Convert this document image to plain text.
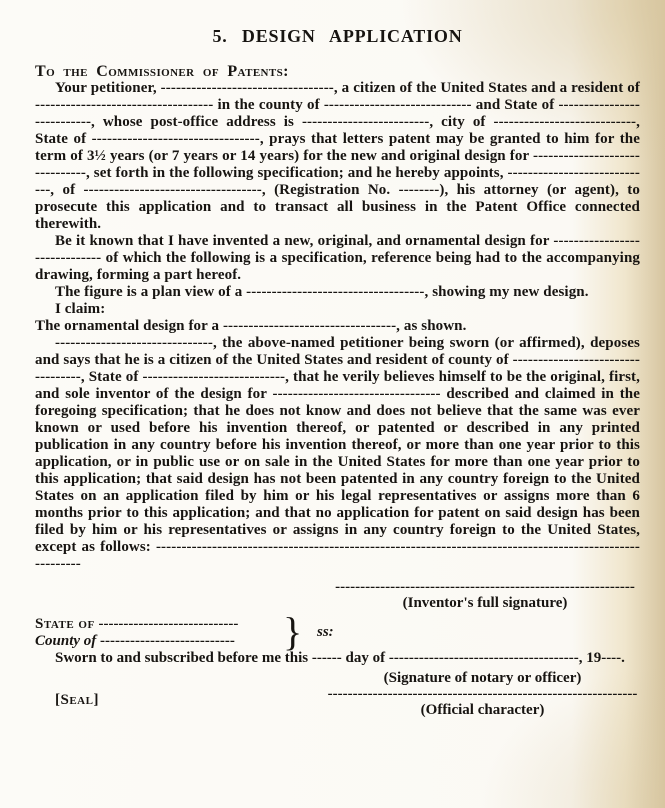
5. DESIGN APPLICATION
To the Commissioner of Patents:

Your petitioner, ----------------------------------, a citizen of the United States and a resident of ----------------------------------- in the county of ----------------------------- and State of ---------------------------, whose post-office address is -------------------------, city of ----------------------------, State of ---------------------------------, prays that letters patent may be granted to him for the term of 3½ years (or 7 years or 14 years) for the new and original design for -------------------------------, set forth in the following specification; and he hereby appoints, -----------------------------, of -----------------------------------, (Registration No. --------), his attorney (or agent), to prosecute this application and to transact all business in the Patent Office connected therewith.

Be it known that I have invented a new, original, and ornamental design for ------------------------------ of which the following is a specification, reference being had to the accompanying drawing, forming a part hereof.

The figure is a plan view of a -----------------------------------, showing my new design.

I claim:

The ornamental design for a ----------------------------------, as shown.

-------------------------------, the above-named petitioner being sworn (or affirmed), deposes and says that he is a citizen of the United States and resident of county of ----------------------------------, State of ----------------------------, that he verily believes himself to be the original, first, and sole inventor of the design for --------------------------------- described and claimed in the foregoing specification; that he does not know and does not believe that the same was ever known or used before his invention thereof, or patented or described in any printed publication in any country before his invention thereof, or more than one year prior to this application, or in public use or on sale in the United States for more than one year prior to this application; that said design has not been patented in any country foreign to the United States on an application filed by him or his legal representatives or assigns more than 6 months prior to this application; and that no application for patent on said design has been filed by him or his representatives or assigns in any country foreign to the United States, except as follows: --------------------------------------------------------------------------------------------------------

------------------------------------------------------------
(Inventor's full signature)
State of ----------------------------
County of ---------------------------	} ss:

Sworn to and subscribed before me this ------ day of --------------------------------------, 19----.

(Signature of notary or officer)
--------------------------------------------------------------
(Official character)
[Seal]
